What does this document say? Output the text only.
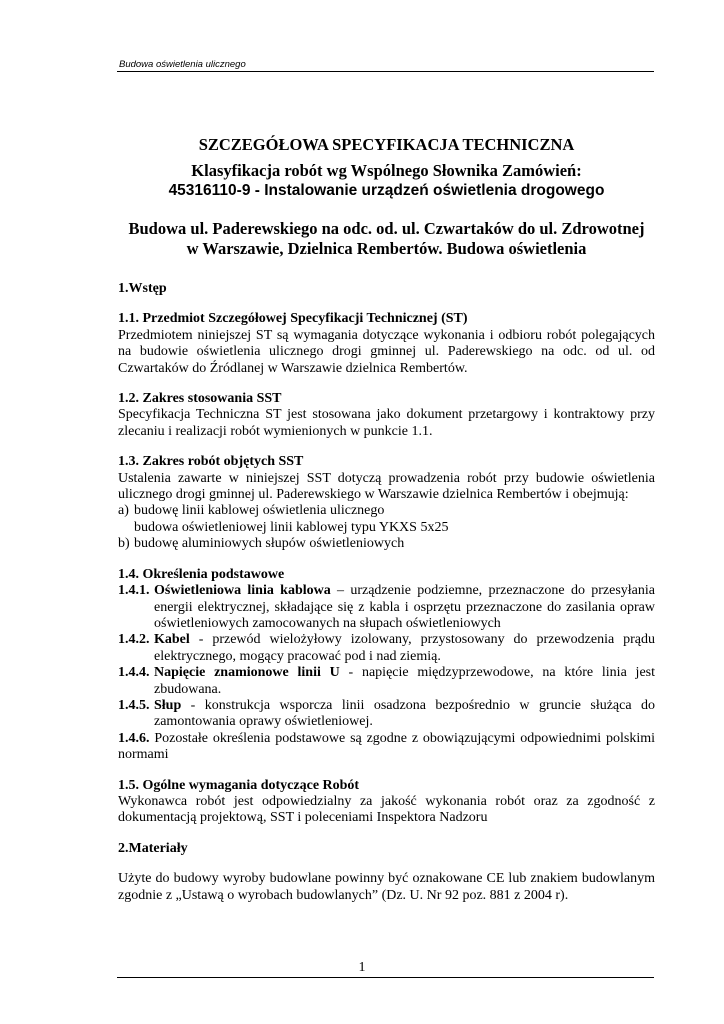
Budowa oświetlenia ulicznego
SZCZEGÓŁOWA SPECYFIKACJA TECHNICZNA
Klasyfikacja robót wg Wspólnego Słownika Zamówień:
45316110-9 - Instalowanie urządzeń oświetlenia drogowego
Budowa ul. Paderewskiego na odc. od. ul. Czwartaków do ul. Zdrowotnej
w Warszawie, Dzielnica Rembertów. Budowa oświetlenia
1.Wstęp
1.1. Przedmiot Szczegółowej Specyfikacji Technicznej (ST)
Przedmiotem niniejszej ST są wymagania dotyczące wykonania i odbioru robót polegających na budowie oświetlenia ulicznego drogi gminnej ul. Paderewskiego na odc. od ul. od Czwartaków do Źródlanej w Warszawie dzielnica Rembertów.
1.2. Zakres stosowania SST
Specyfikacja Techniczna ST jest stosowana jako dokument przetargowy i kontraktowy przy zlecaniu i realizacji robót wymienionych w punkcie 1.1.
1.3. Zakres robót objętych SST
Ustalenia zawarte w niniejszej SST dotyczą prowadzenia robót przy budowie oświetlenia ulicznego drogi gminnej ul. Paderewskiego w Warszawie dzielnica Rembertów i obejmują:
a) budowę linii kablowej oświetlenia ulicznego
budowa oświetleniowej linii kablowej typu YKXS 5x25
b) budowę aluminiowych słupów oświetleniowych
1.4. Określenia podstawowe
1.4.1. Oświetleniowa linia kablowa – urządzenie podziemne, przeznaczone do przesyłania energii elektrycznej, składające się z kabla i osprzętu przeznaczone do zasilania opraw oświetleniowych zamocowanych na słupach oświetleniowych
1.4.2. Kabel - przewód wielożyłowy izolowany, przystosowany do przewodzenia prądu elektrycznego, mogący pracować pod i nad ziemią.
1.4.4. Napięcie znamionowe linii U - napięcie międzyprzewodowe, na które linia jest zbudowana.
1.4.5. Słup - konstrukcja wsporcza linii osadzona bezpośrednio w gruncie służąca do zamontowania oprawy oświetleniowej.
1.4.6. Pozostałe określenia podstawowe są zgodne z obowiązującymi odpowiednimi polskimi normami
1.5. Ogólne wymagania dotyczące Robót
Wykonawca robót jest odpowiedzialny za jakość wykonania robót oraz za zgodność z dokumentacją projektową, SST i poleceniami Inspektora Nadzoru
2.Materiały
Użyte do budowy wyroby budowlane powinny być oznakowane CE lub znakiem budowlanym zgodnie z „Ustawą o wyrobach budowlanych” (Dz. U. Nr 92 poz. 881 z 2004 r).
1
